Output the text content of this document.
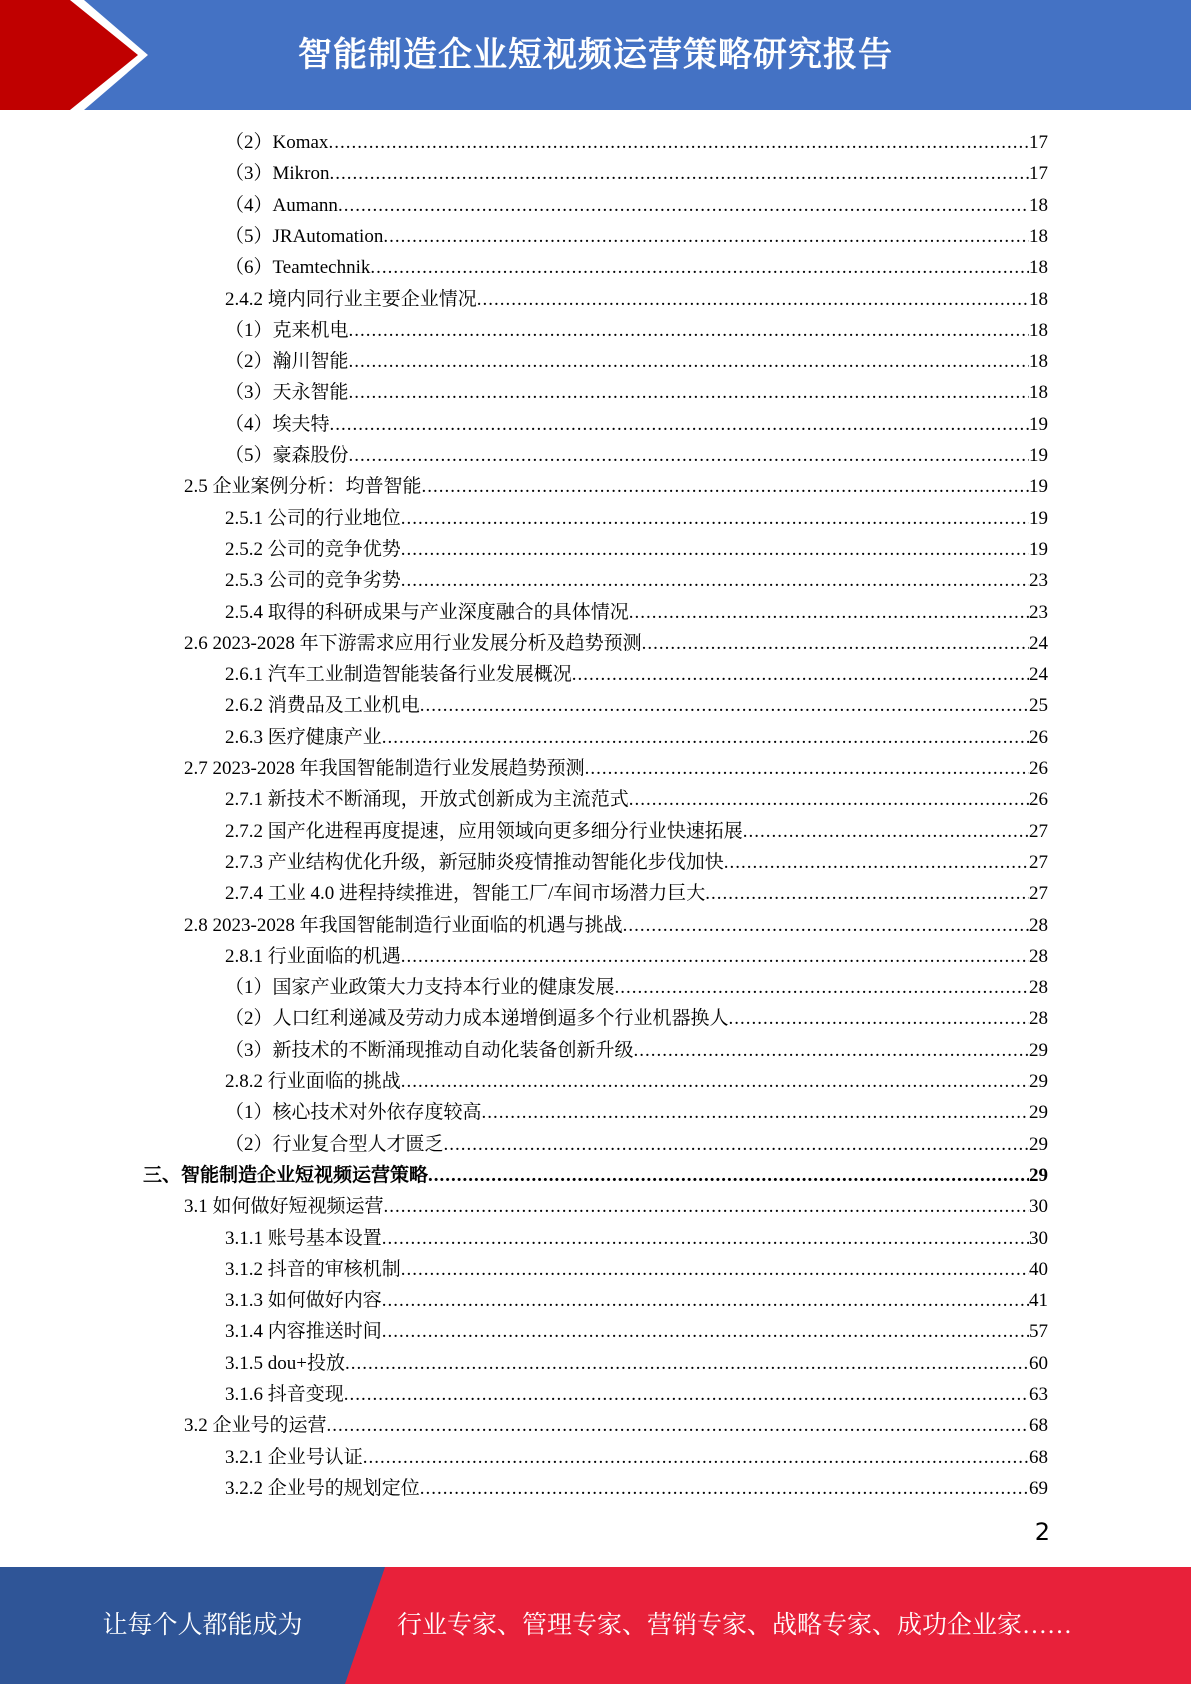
智能制造企业短视频运营策略研究报告
（2）Komax .....	17
（3）Mikron .....	17
（4）Aumann .....	18
（5）JRAutomation .....	18
（6）Teamtechnik .....	18
2.4.2 境内同行业主要企业情况 .....	18
（1）克来机电 .....	18
（2）瀚川智能 .....	18
（3）天永智能 .....	18
（4）埃夫特 .....	19
（5）豪森股份 .....	19
2.5 企业案例分析：均普智能 .....	19
2.5.1 公司的行业地位 .....	19
2.5.2 公司的竞争优势 .....	19
2.5.3 公司的竞争劣势 .....	23
2.5.4 取得的科研成果与产业深度融合的具体情况 .....	23
2.6 2023-2028 年下游需求应用行业发展分析及趋势预测 .....	24
2.6.1 汽车工业制造智能装备行业发展概况 .....	24
2.6.2 消费品及工业机电 .....	25
2.6.3 医疗健康产业 .....	26
2.7 2023-2028 年我国智能制造行业发展趋势预测 .....	26
2.7.1 新技术不断涌现，开放式创新成为主流范式 .....	26
2.7.2 国产化进程再度提速，应用领域向更多细分行业快速拓展 .....	27
2.7.3 产业结构优化升级，新冠肺炎疫情推动智能化步伐加快 .....	27
2.7.4 工业 4.0 进程持续推进，智能工厂/车间市场潜力巨大 .....	27
2.8 2023-2028 年我国智能制造行业面临的机遇与挑战 .....	28
2.8.1 行业面临的机遇 .....	28
（1）国家产业政策大力支持本行业的健康发展 .....	28
（2）人口红利递减及劳动力成本递增倒逼多个行业机器换人 .....	28
（3）新技术的不断涌现推动自动化装备创新升级 .....	29
2.8.2 行业面临的挑战 .....	29
（1）核心技术对外依存度较高 .....	29
（2）行业复合型人才匮乏 .....	29
三、智能制造企业短视频运营策略 .....	29
3.1 如何做好短视频运营 .....	30
3.1.1 账号基本设置 .....	30
3.1.2 抖音的审核机制 .....	40
3.1.3 如何做好内容 .....	41
3.1.4 内容推送时间 .....	57
3.1.5 dou+投放 .....	60
3.1.6 抖音变现 .....	63
3.2 企业号的运营 .....	68
3.2.1 企业号认证 .....	68
3.2.2 企业号的规划定位 .....	69
2
让每个人都能成为	行业专家、管理专家、营销专家、战略专家、成功企业家……
